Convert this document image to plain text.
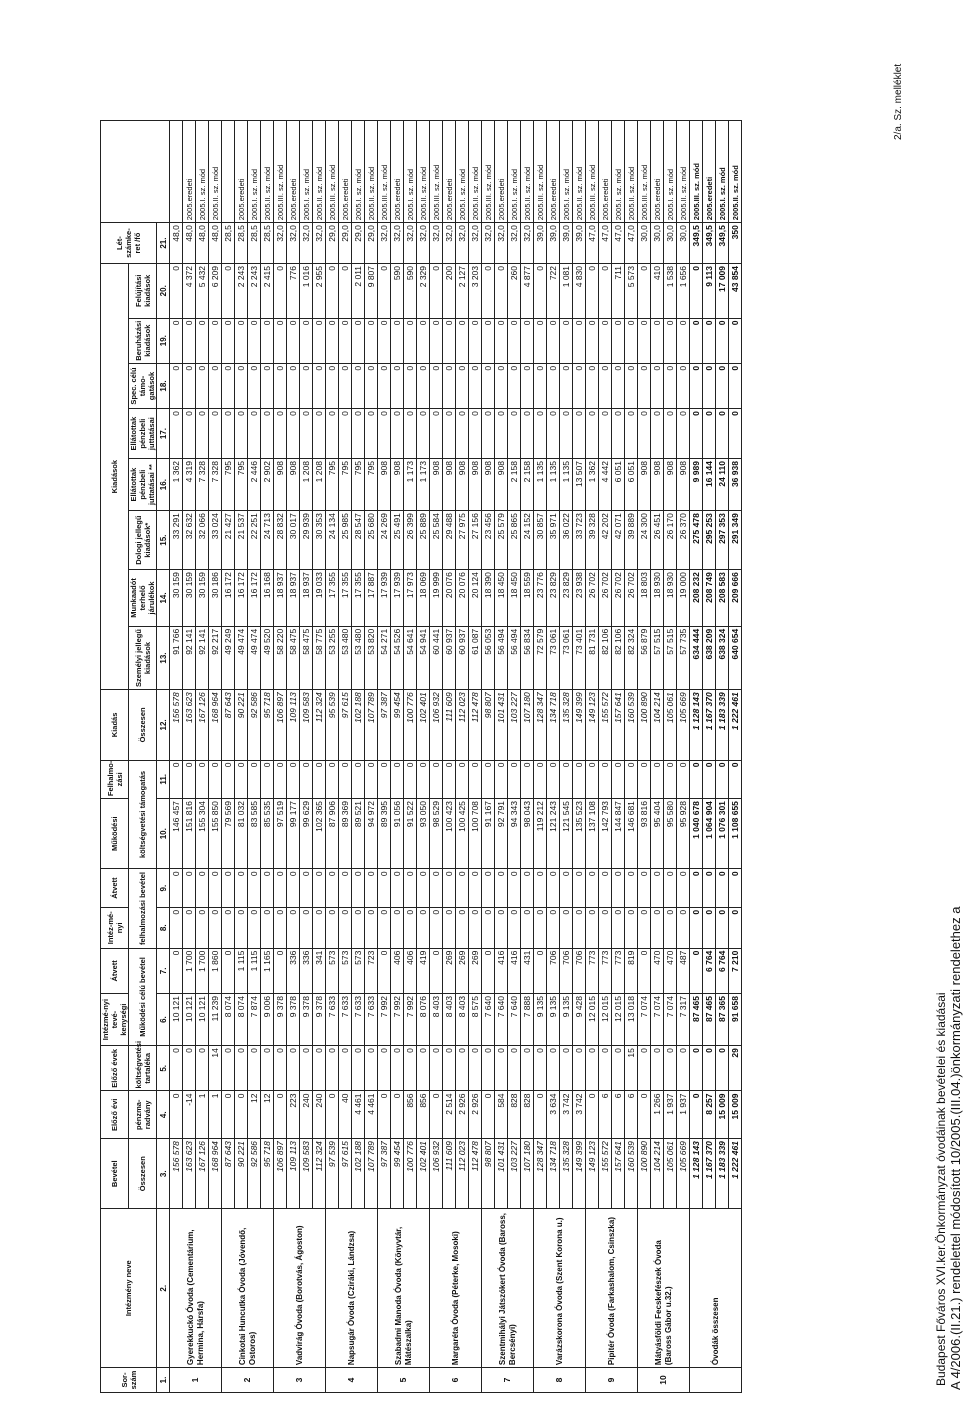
A 4/2006.(II.21.) rendelettel módosított 10/2005.(III.04.)önkormányzati rendelethez a
Budapest Főváros XVI.ker.Önkormányzat óvodáinak bevételei és kiadásai
2/a. Sz. melléklet
Sor-szám	Intézmény neve	Bevétel	Előző évi	Előző évek	Intézmé-nyi tevé-kenységi	Átvett	Intéz-mé-nyi	Átvett	Működési	Felhalmo-zási	Kiadás	Kiadások								Lét-számke-ret /fő	
		Összesen	pénzma-radvány	költségvetési tartaléka	Működési célú bevétel		felhalmozási bevétel		költségvetési támogatás		Összesen	Személyi jellegű kiadások	Munkaadót terhelő járulékok	Dologi jellegű kiadások*	Ellátottak pénzbeli juttatásai **	Ellátottak pénzbeli juttatásai	Spec. célú támo-gatások	Beruházási kiadások	Felújítási kiadások		
1.	2.	3.	4.	5.	6.	7.	8.	9.	10.	11.	12.	13.	14.	15.	16.	17.	18.	19.	20.	21.	
1	Gyerekkuckó Óvoda (Cementárium, Hermina, Hársfa)	156 578	0	0	10 121	0	0	0	146 457	0	156 578	91 766	30 159	33 291	1 362	0	0	0	0	48,0	
		163 623	-14	0	10 121	1 700	0	0	151 816	0	163 623	92 141	30 159	32 632	4 319	0	0	0	4 372	48,0	2005.eredeti
		167 126	1	0	10 121	1 700	0	0	155 304	0	167 126	92 141	30 159	32 066	7 328	0	0	0	5 432	48,0	2005.I. sz. mód
		168 964	1	14	11 239	1 860	0	0	155 850	0	168 964	92 217	30 186	33 024	7 328	0	0	0	6 209	48,0	2005.II. sz. mód
2	Cinkotai Huncutka Óvoda (Jóvendő, Ostoros)	87 643	0	0	8 074	0	0	0	79 569	0	87 643	49 249	16 172	21 427	795	0	0	0	0	28,5	
		90 221	0	0	8 074	1 115	0	0	81 032	0	90 221	49 474	16 172	21 537	795	0	0	0	2 243	28,5	2005.eredeti
		92 586	12	0	7 874	1 115	0	0	83 585	0	92 586	49 474	16 172	22 251	2 446	0	0	0	2 243	28,5	2005.I. sz. mód
		95 718	12	0	9 006	1 165	0	0	85 535	0	95 718	49 520	16 168	24 713	2 902	0	0	0	2 415	28,5	2005.II. sz. mód
3	Vadvirág Óvoda (Borotvás, Ágoston)	106 897	0	0	9 378	0	0	0	97 519	0	106 897	58 220	18 937	28 832	908	0	0	0	0	32,0	2005.III. sz. mód
		109 113	223	0	9 378	336	0	0	99 177	0	109 113	58 475	18 937	30 017	908	0	0	0	776	32,0	2005.eredeti
		109 583	240	0	9 378	336	0	0	99 629	0	109 583	58 475	18 937	29 939	1 208	0	0	0	1 016	32,0	2005.I. sz. mód
		112 324	240	0	9 378	341	0	0	102 365	0	112 324	58 775	19 033	30 353	1 208	0	0	0	2 955	32,0	2005.II. sz. mód
4	Napsugár Óvoda (Cziráki, Lándzsa)	97 539	0	0	7 633	573	0	0	87 906	0	95 539	53 255	17 355	24 134	795	0	0	0	0	29,0	2005.III. sz. mód
		97 615	40	0	7 633	573	0	0	89 369	0	97 615	53 480	17 355	25 985	795	0	0	0	0	29,0	2005.eredeti
		102 188	4 461	0	7 633	573	0	0	89 521	0	102 188	53 480	17 355	28 547	795	0	0	0	2 011	29,0	2005.I. sz. mód
		107 789	4 461	0	7 633	723	0	0	94 972	0	107 789	53 820	17 887	25 680	795	0	0	0	9 807	29,0	2005.II. sz. mód
5	Szabadmi Manoda Óvoda (Könyvtár, Mátészalka)	97 387	0	0	7 992	0	0	0	89 395	0	97 387	54 271	17 939	24 269	908	0	0	0	0	32,0	2005.III. sz. mód
		99 454	0	0	7 992	406	0	0	91 056	0	99 454	54 526	17 939	25 491	908	0	0	0	590	32,0	2005.eredeti
		100 776	856	0	7 992	406	0	0	91 522	0	100 776	54 641	17 973	26 399	1 173	0	0	0	590	32,0	2005.I. sz. mód
		102 401	856	0	8 076	419	0	0	93 050	0	102 401	54 941	18 069	25 889	1 173	0	0	0	2 329	32,0	2005.II. sz. mód
6	Margaréta Óvoda (Péterke, Mosoki)	106 932	0	0	8 403	0	0	0	98 529	0	106 932	60 441	19 999	25 584	908	0	0	0	0	32,0	2005.III. sz. mód
		111 609	2 514	0	8 403	269	0	0	100 423	0	111 609	60 937	20 076	29 488	908	0	0	0	200	32,0	2005.eredeti
		112 023	2 926	0	8 403	269	0	0	100 425	0	112 023	60 937	20 076	27 975	908	0	0	0	2 127	32,0	2005.I. sz. mód
		112 478	2 926	0	8 575	269	0	0	100 708	0	112 478	61 087	20 124	27 156	908	0	0	0	3 203	32,0	2005.II. sz. mód
7	Szentmihályi Játszókert Óvoda (Baross, Bercsényi)	98 807	0	0	7 640	0	0	0	91 167	0	98 807	56 053	18 390	23 456	908	0	0	0	0	32,0	2005.III. sz. mód
		101 431	584	0	7 640	416	0	0	92 791	0	101 431	56 494	18 450	25 579	908	0	0	0	0	32,0	2005.eredeti
		103 227	828	0	7 640	416	0	0	94 343	0	103 227	56 494	18 450	25 865	2 158	0	0	0	260	32,0	2005.I. sz. mód
		107 180	828	0	7 888	431	0	0	98 043	0	107 180	56 834	18 559	24 152	2 158	0	0	0	4 877	32,0	2005.II. sz. mód
8	Varázskorona Óvoda (Szent Korona u.)	128 347	0	0	9 135	0	0	0	119 212	0	128 347	72 579	23 776	30 857	1 135	0	0	0	0	39,0	2005.III. sz. mód
		134 718	3 634	0	9 135	706	0	0	121 243	0	134 718	73 061	23 829	35 971	1 135	0	0	0	722	39,0	2005.eredeti
		135 328	3 742	0	9 135	706	0	0	121 545	0	135 328	73 061	23 829	36 022	1 135	0	0	0	1 081	39,0	2005.I. sz. mód
		149 399	3 742	0	9 428	706	0	0	135 523	0	149 399	73 401	23 938	33 723	13 507	0	0	0	4 830	39,0	2005.II. sz. mód
9	Pipitér Óvoda (Farkashalom, Csinszka)	149 123	0	0	12 015	773	0	0	137 108	0	149 123	81 731	26 702	39 328	1 362	0	0	0	0	47,0	2005.III. sz. mód
		155 572	6	0	12 015	773	0	0	142 793	0	155 572	82 106	26 702	42 202	4 442	0	0	0	0	47,0	2005.eredeti
		157 641	6	0	12 015	773	0	0	144 847	0	157 641	82 106	26 702	42 071	6 051	0	0	0	711	47,0	2005.I. sz. mód
		160 539	6	15	13 018	819	0	0	146 681	0	160 539	82 324	26 702	39 889	6 051	0	0	0	5 573	47,0	2005.II. sz. mód
10	Mátyásföldi Fecskefészek Óvoda (Baross Gábor u.32.)	100 890	0	0	7 074	0	0	0	93 816	0	100 890	56 879	18 803	24 300	908	0	0	0	0	30,0	2005.III. sz. mód
		104 214	1 266	0	7 074	470	0	0	95 404	0	104 214	57 515	18 930	26 451	908	0	0	0	410	30,0	2005.eredeti
		105 061	1 937	0	7 074	470	0	0	95 580	0	105 061	57 515	18 930	26 170	908	0	0	0	1 538	30,0	2005.I. sz. mód
		105 669	1 937	0	7 317	487	0	0	95 928	0	105 669	57 735	19 000	26 370	908	0	0	0	1 656	30,0	2005.II. sz. mód
	Óvodák összesen	1 128 143	0	0	87 465	0	0	0	1 040 678	0	1 128 143	634 444	208 232	275 478	9 989	0	0	0	0	349,5	2005.III. sz. mód
		1 167 370	8 257	0	87 465	6 764	0	0	1 064 904	0	1 167 370	638 209	208 749	295 253	16 144	0	0	0	9 113	349,5	2005.eredeti
		1 183 339	15 009	0	87 365	6 764	0	0	1 076 301	0	1 183 339	638 324	208 583	297 353	24 110	0	0	0	17 009	349,5	2005.I. sz. mód
		1 222 461	15 009	29	91 658	7 210	0	0	1 108 655	0	1 222 461	640 654	209 666	291 349	36 938	0	0	0	43 854	350	2005.II. sz. mód
